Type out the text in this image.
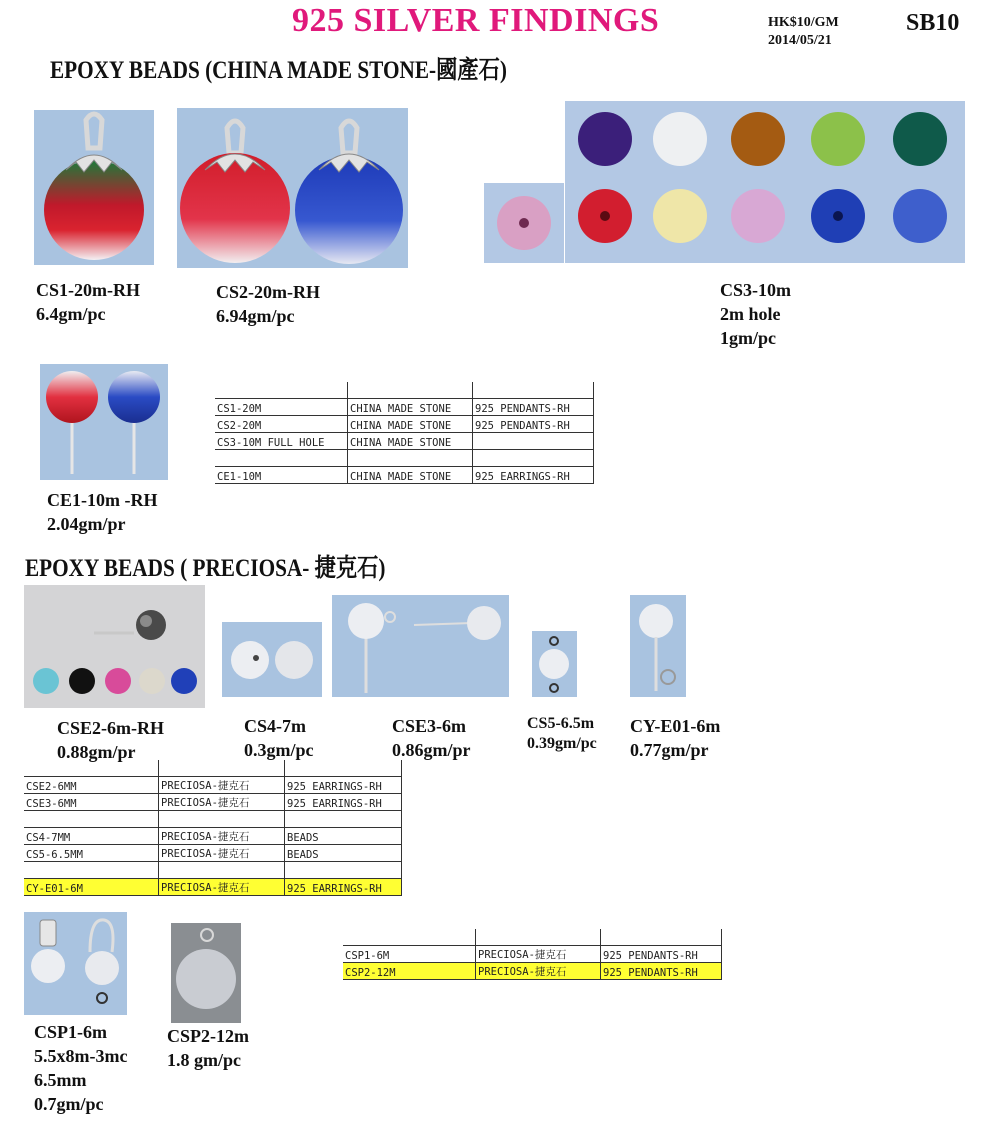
925 SILVER FINDINGS	HK$10/GM
2014/05/21
SB10
EPOXY BEADS (CHINA MADE STONE-國產石)
CS1-20m-RH
6.4gm/pc
CS2-20m-RH
6.94gm/pc
CS3-10m
2m hole
1gm/pc
CE1-10m -RH
2.04gm/pr

CS1-20M	CHINA MADE STONE	925 PENDANTS-RH
CS2-20M	CHINA MADE STONE	925 PENDANTS-RH
CS3-10M FULL HOLE	CHINA MADE STONE	

CE1-10M	CHINA MADE STONE	925 EARRINGS-RH
EPOXY BEADS ( PRECIOSA- 捷克石)
CSE2-6m-RH
0.88gm/pr
CS4-7m
0.3gm/pc
CSE3-6m
0.86gm/pr
CS5-6.5m
0.39gm/pc
CY-E01-6m
0.77gm/pr

CSE2-6MM	PRECIOSA-捷克石	925 EARRINGS-RH
CSE3-6MM	PRECIOSA-捷克石	925 EARRINGS-RH

CS4-7MM	PRECIOSA-捷克石	BEADS
CS5-6.5MM	PRECIOSA-捷克石	BEADS

CY-E01-6M	PRECIOSA-捷克石	925 EARRINGS-RH
CSP1-6m
5.5x8m-3mc
6.5mm
0.7gm/pc
CSP2-12m
1.8 gm/pc

CSP1-6M	PRECIOSA-捷克石	925 PENDANTS-RH
CSP2-12M	PRECIOSA-捷克石	925 PENDANTS-RH
